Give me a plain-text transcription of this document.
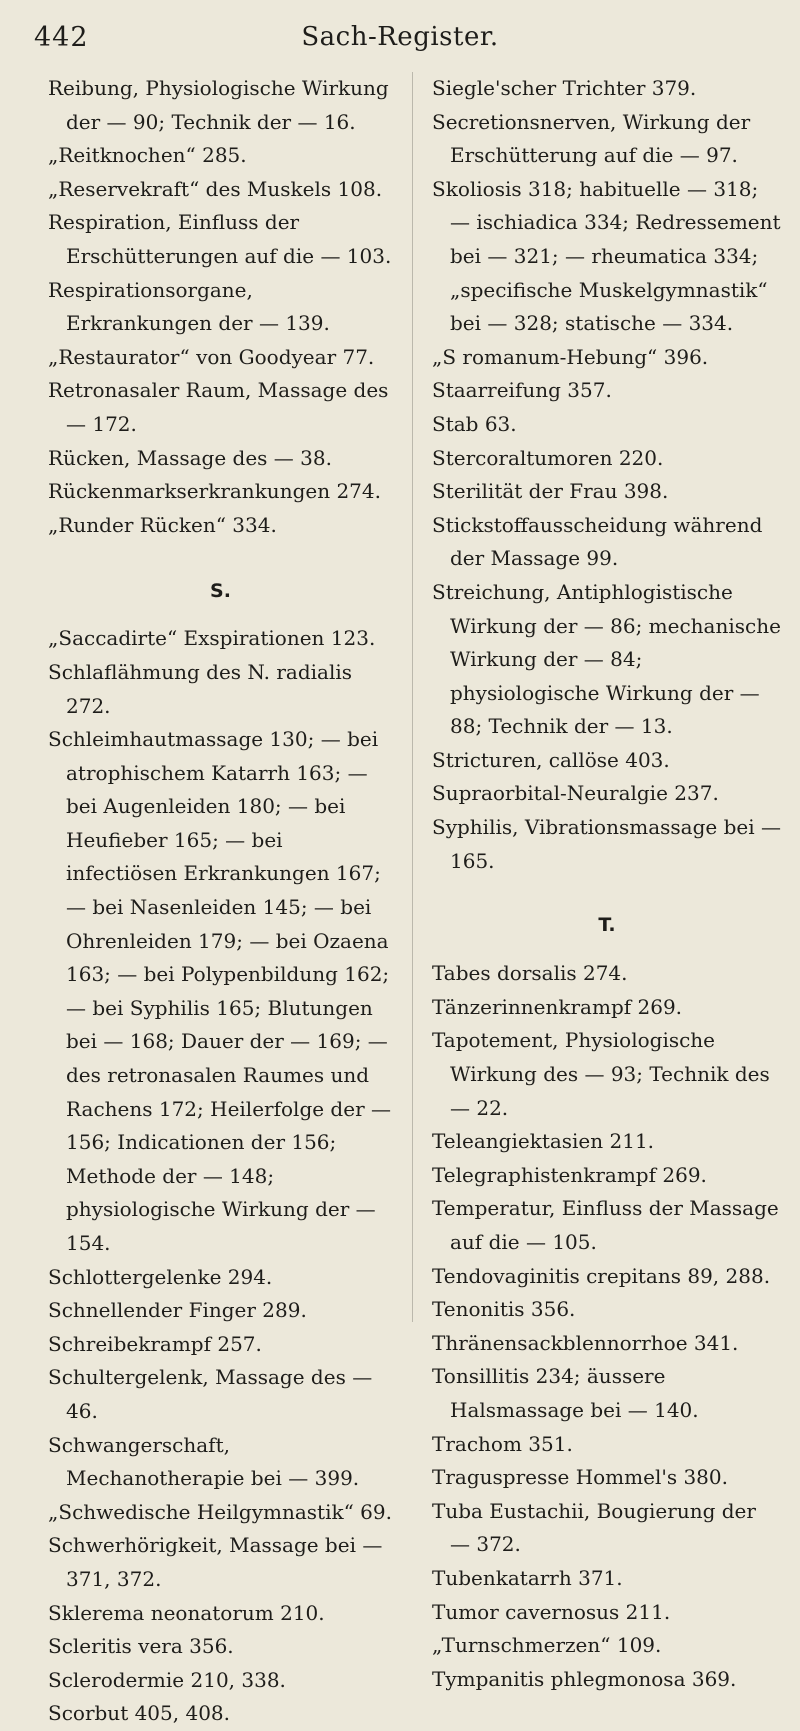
442	Sach-Register.
Reibung, Physiologische Wirkung der — 90; Technik der — 16.
„Reitknochen“ 285.
„Reservekraft“ des Muskels 108.
Respiration, Einfluss der Erschütterungen auf die — 103.
Respirationsorgane, Erkrankungen der — 139.
„Restaurator“ von Goodyear 77.
Retronasaler Raum, Massage des — 172.
Rücken, Massage des — 38.
Rückenmarkserkrankungen 274.
„Runder Rücken“ 334.
S.
„Saccadirte“ Exspirationen 123.
Schlaflähmung des N. radialis 272.
Schleimhautmassage 130; — bei atrophischem Katarrh 163; — bei Augenleiden 180; — bei Heufieber 165; — bei infectiösen Erkrankungen 167; — bei Nasenleiden 145; — bei Ohrenleiden 179; — bei Ozaena 163; — bei Polypenbildung 162; — bei Syphilis 165; Blutungen bei — 168; Dauer der — 169; — des retronasalen Raumes und Rachens 172; Heilerfolge der — 156; Indicationen der 156; Methode der — 148; physiologische Wirkung der — 154.
Schlottergelenke 294.
Schnellender Finger 289.
Schreibekrampf 257.
Schultergelenk, Massage des — 46.
Schwangerschaft, Mechanotherapie bei — 399.
„Schwedische Heilgymnastik“ 69.
Schwerhörigkeit, Massage bei — 371, 372.
Sklerema neonatorum 210.
Scleritis vera 356.
Sclerodermie 210, 338.
Scorbut 405, 408.
Siegle'scher Trichter 379.
Secretionsnerven, Wirkung der Erschütterung auf die — 97.
Skoliosis 318; habituelle — 318; — ischiadica 334; Redressement bei — 321; — rheumatica 334; „specifische Muskelgymnastik“ bei — 328; statische — 334.
„S romanum-Hebung“ 396.
Staarreifung 357.
Stab 63.
Stercoraltumoren 220.
Sterilität der Frau 398.
Stickstoffausscheidung während der Massage 99.
Streichung, Antiphlogistische Wirkung der — 86; mechanische Wirkung der — 84; physiologische Wirkung der — 88; Technik der — 13.
Stricturen, callöse 403.
Supraorbital-Neuralgie 237.
Syphilis, Vibrationsmassage bei — 165.
T.
Tabes dorsalis 274.
Tänzerinnenkrampf 269.
Tapotement, Physiologische Wirkung des — 93; Technik des — 22.
Teleangiektasien 211.
Telegraphistenkrampf 269.
Temperatur, Einfluss der Massage auf die — 105.
Tendovaginitis crepitans 89, 288.
Tenonitis 356.
Thränensackblennorrhoe 341.
Tonsillitis 234; äussere Halsmassage bei — 140.
Trachom 351.
Traguspresse Hommel's 380.
Tuba Eustachii, Bougierung der — 372.
Tubenkatarrh 371.
Tumor cavernosus 211.
„Turnschmerzen“ 109.
Tympanitis phlegmonosa 369.
